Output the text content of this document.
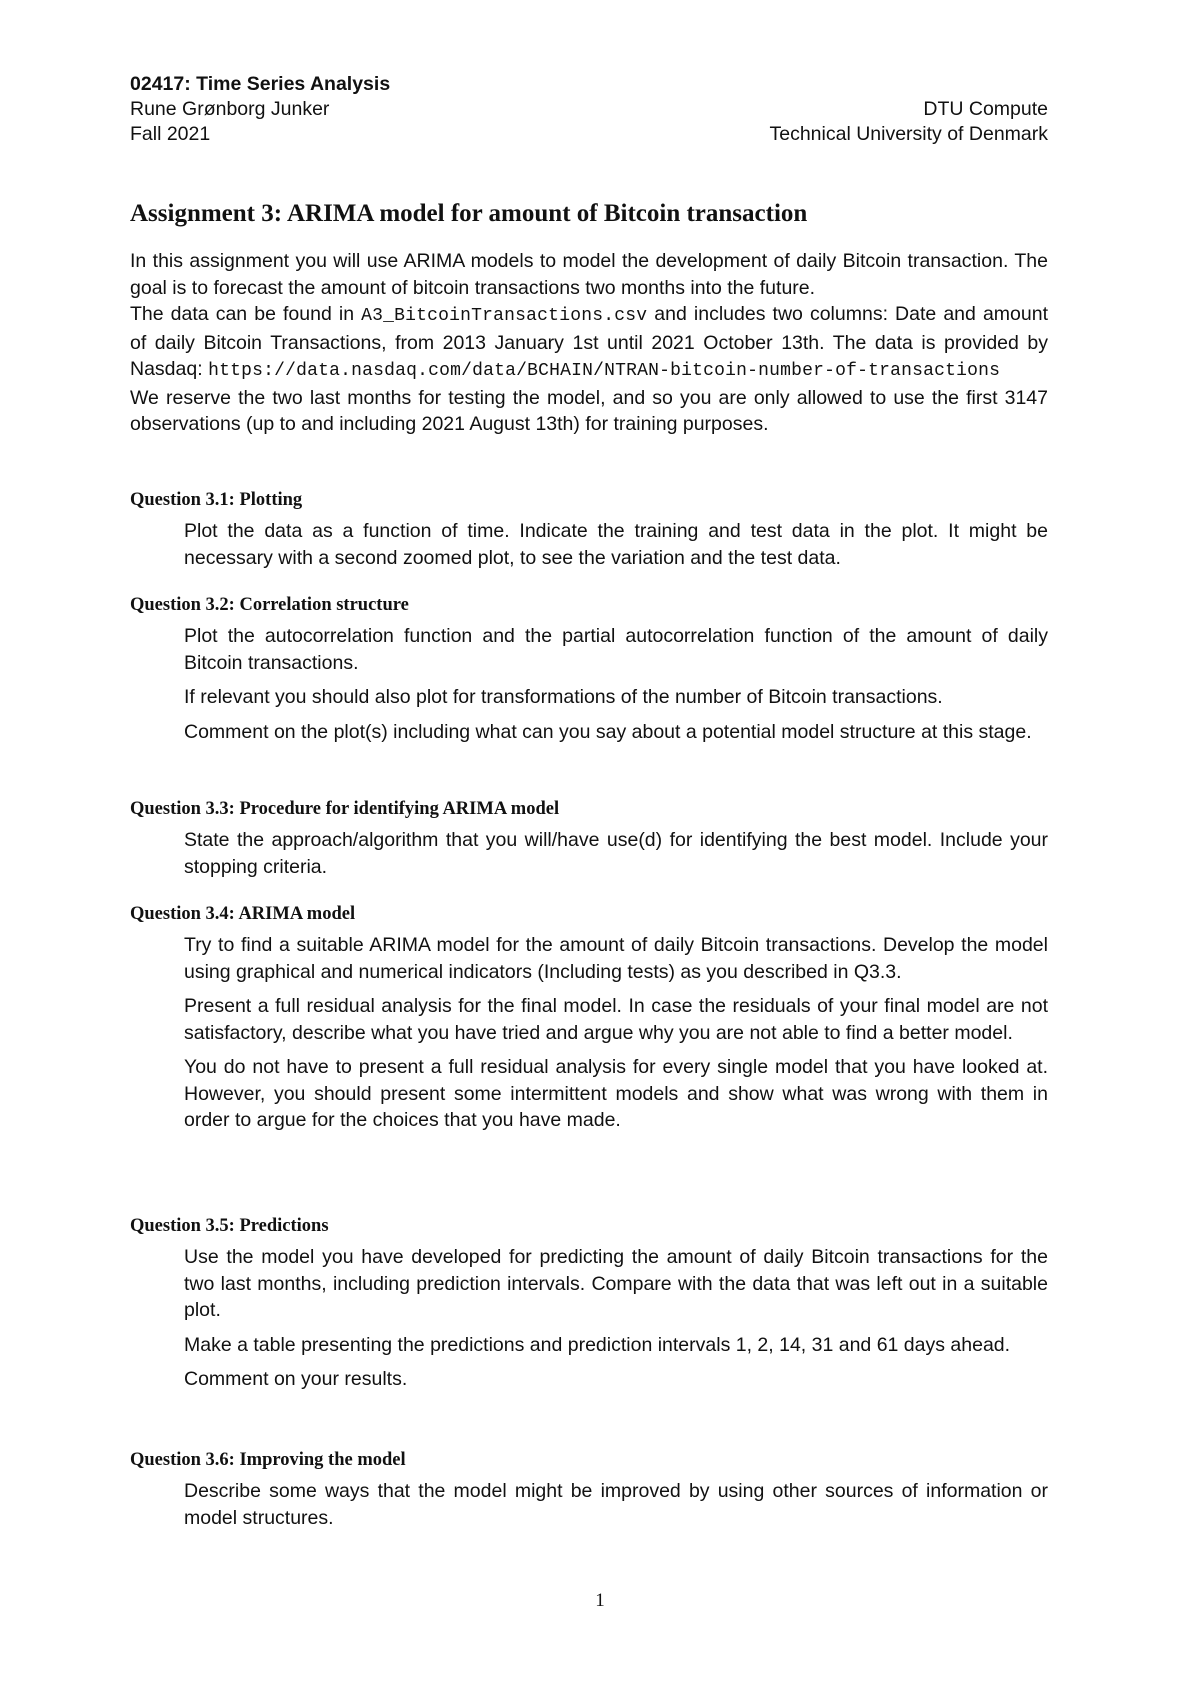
02417: Time Series Analysis
Rune Grønborg Junker	DTU Compute
Fall 2021	Technical University of Denmark
Assignment 3: ARIMA model for amount of Bitcoin transaction

In this assignment you will use ARIMA models to model the development of daily Bitcoin transaction. The goal is to forecast the amount of bitcoin transactions two months into the future.

The data can be found in A3_BitcoinTransactions.csv and includes two columns: Date and amount of daily Bitcoin Transactions, from 2013 January 1st until 2021 October 13th. The data is provided by Nasdaq: https://data.nasdaq.com/data/BCHAIN/NTRAN-bitcoin-number-of-transactions

We reserve the two last months for testing the model, and so you are only allowed to use the first 3147 observations (up to and including 2021 August 13th) for training purposes.

Question 3.1: Plotting

Plot the data as a function of time. Indicate the training and test data in the plot. It might be necessary with a second zoomed plot, to see the variation and the test data.

Question 3.2: Correlation structure

Plot the autocorrelation function and the partial autocorrelation function of the amount of daily Bitcoin transactions.

If relevant you should also plot for transformations of the number of Bitcoin transactions.

Comment on the plot(s) including what can you say about a potential model structure at this stage.

Question 3.3: Procedure for identifying ARIMA model

State the approach/algorithm that you will/have use(d) for identifying the best model. Include your stopping criteria.

Question 3.4: ARIMA model

Try to find a suitable ARIMA model for the amount of daily Bitcoin transactions. Develop the model using graphical and numerical indicators (Including tests) as you described in Q3.3.

Present a full residual analysis for the final model. In case the residuals of your final model are not satisfactory, describe what you have tried and argue why you are not able to find a better model.

You do not have to present a full residual analysis for every single model that you have looked at. However, you should present some intermittent models and show what was wrong with them in order to argue for the choices that you have made.

Question 3.5: Predictions

Use the model you have developed for predicting the amount of daily Bitcoin transactions for the two last months, including prediction intervals. Compare with the data that was left out in a suitable plot.

Make a table presenting the predictions and prediction intervals 1, 2, 14, 31 and 61 days ahead.

Comment on your results.

Question 3.6: Improving the model

Describe some ways that the model might be improved by using other sources of information or model structures.

1
